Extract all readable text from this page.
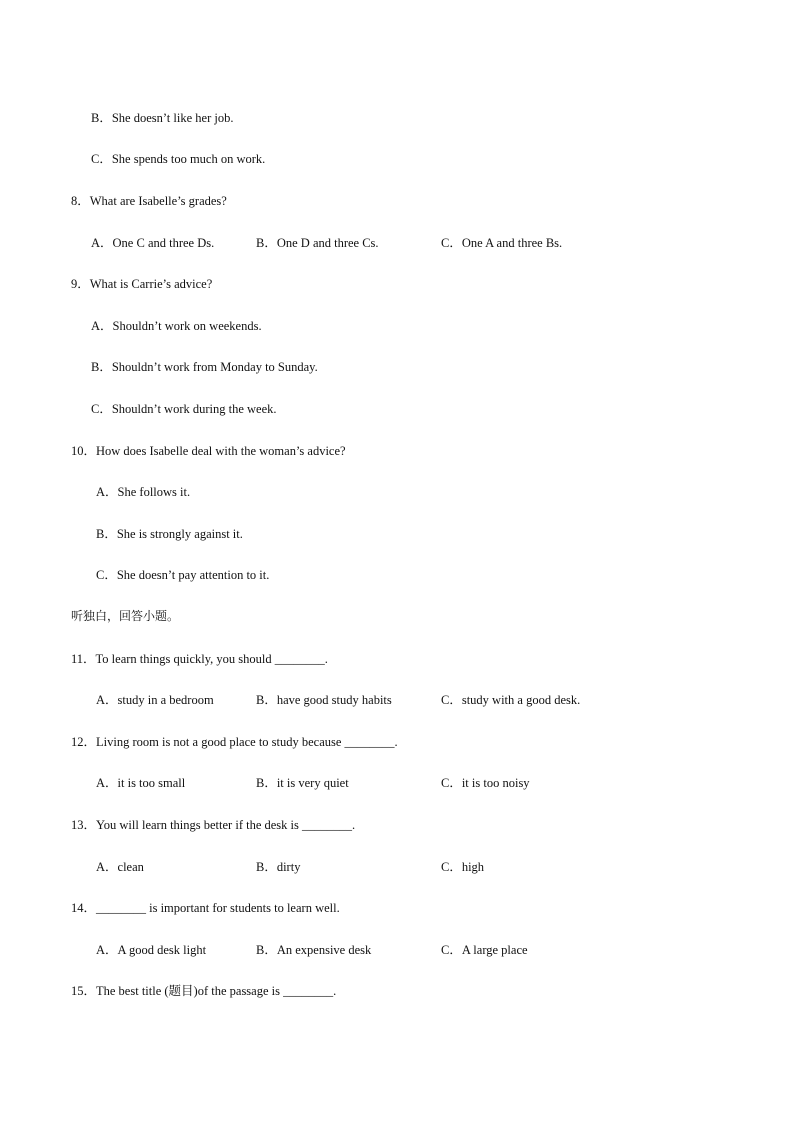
B．She doesn’t like her job.
C．She spends too much on work.
8．What are Isabelle’s grades?
A．One C and three Ds.	B．One D and three Cs.	C．One A and three Bs.
9．What is Carrie’s advice?
A．Shouldn’t work on weekends.
B．Shouldn’t work from Monday to Sunday.
C．Shouldn’t work during the week.
10．How does Isabelle deal with the woman’s advice?
A．She follows it.
B．She is strongly against it.
C．She doesn’t pay attention to it.
听独白，回答小题。
11．To learn things quickly, you should ________.
A．study in a bedroom	B．have good study habits	C．study with a good desk.
12．Living room is not a good place to study because ________.
A．it is too small	B．it is very quiet	C．it is too noisy
13．You will learn things better if the desk is ________.
A．clean	B．dirty	C．high
14．________ is important for students to learn well.
A．A good desk light	B．An expensive desk	C．A large place
15．The best title (题目)of the passage is ________.
